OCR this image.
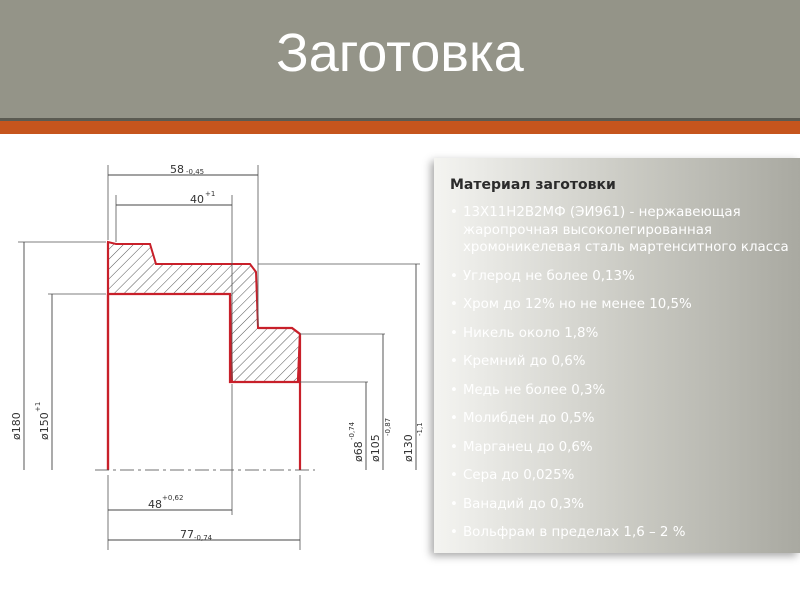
Заготовка
58 -0,45
40 +1
48 +0,62
77 -0,74
ø180 ø150
+1
ø68
-0,74
ø105
-0,87
ø130
-1,1
Материал заготовки
• 13Х11Н2В2МФ (ЭИ961) - нержавеющая жаропрочная высоколегированная хромоникелевая сталь мартенситного класса
• Углерод не более 0,13%
• Хром до 12% но не менее 10,5%
• Никель около 1,8%
• Кремний до 0,6%
• Медь не более 0,3%
• Молибден до 0,5%
• Марганец до 0,6%
• Сера до 0,025%
• Ванадий до 0,3%
• Вольфрам в пределах 1,6 – 2 %
